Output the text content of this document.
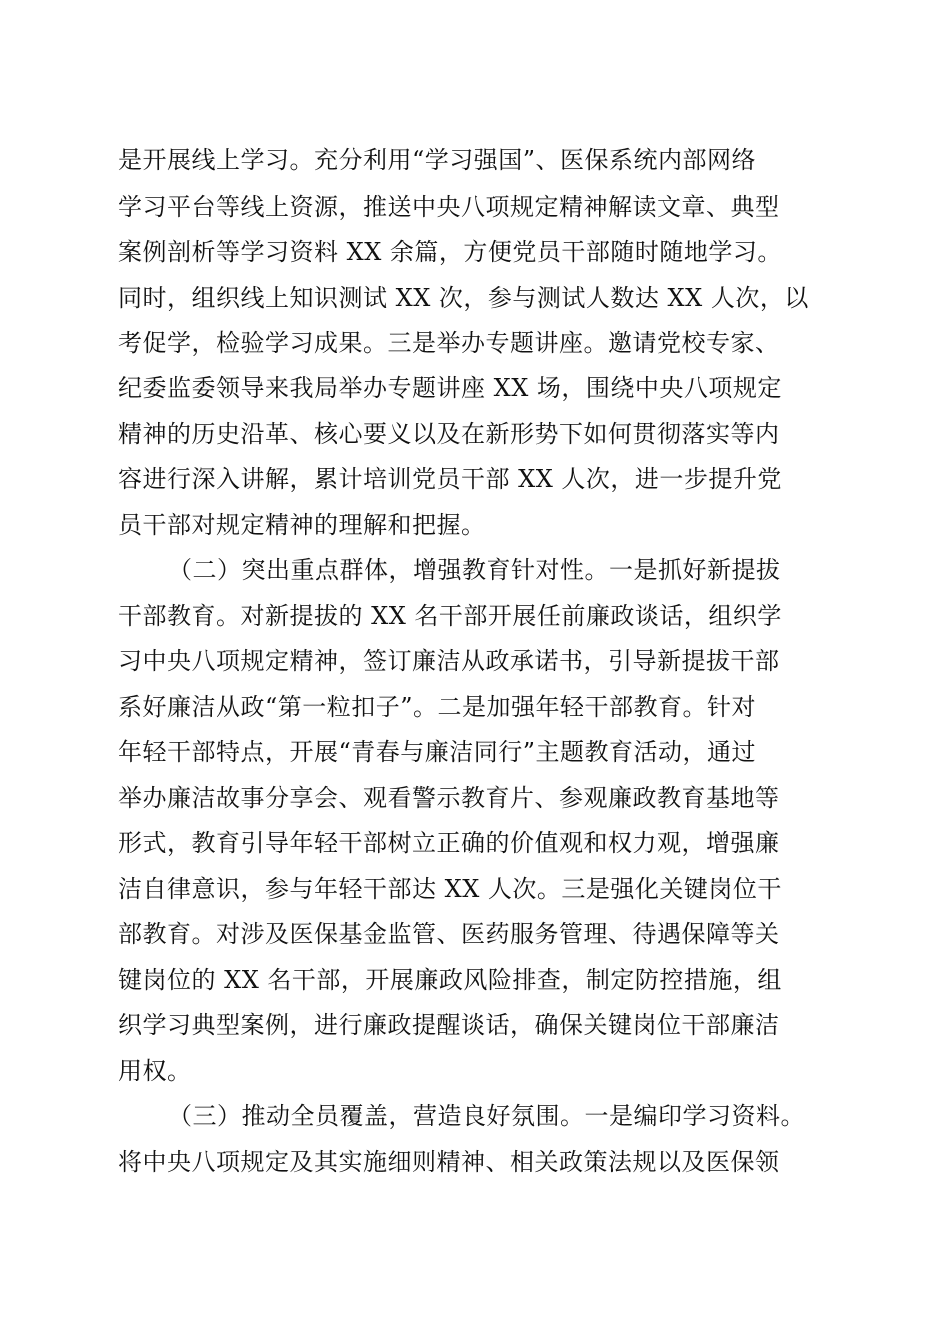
是开展线上学习。充分利用“学习强国”、医保系统内部网络
学习平台等线上资源，推送中央八项规定精神解读文章、典型
案例剖析等学习资料 XX 余篇，方便党员干部随时随地学习。
同时，组织线上知识测试 XX 次，参与测试人数达 XX 人次，以
考促学，检验学习成果。三是举办专题讲座。邀请党校专家、
纪委监委领导来我局举办专题讲座 XX 场，围绕中央八项规定
精神的历史沿革、核心要义以及在新形势下如何贯彻落实等内
容进行深入讲解，累计培训党员干部 XX 人次，进一步提升党
员干部对规定精神的理解和把握。
（二）突出重点群体，增强教育针对性。一是抓好新提拔
干部教育。对新提拔的 XX 名干部开展任前廉政谈话，组织学
习中央八项规定精神，签订廉洁从政承诺书，引导新提拔干部
系好廉洁从政“第一粒扣子”。二是加强年轻干部教育。针对
年轻干部特点，开展“青春与廉洁同行”主题教育活动，通过
举办廉洁故事分享会、观看警示教育片、参观廉政教育基地等
形式，教育引导年轻干部树立正确的价值观和权力观，增强廉
洁自律意识，参与年轻干部达 XX 人次。三是强化关键岗位干
部教育。对涉及医保基金监管、医药服务管理、待遇保障等关
键岗位的 XX 名干部，开展廉政风险排查，制定防控措施，组
织学习典型案例，进行廉政提醒谈话，确保关键岗位干部廉洁
用权。
（三）推动全员覆盖，营造良好氛围。一是编印学习资料。
将中央八项规定及其实施细则精神、相关政策法规以及医保领
